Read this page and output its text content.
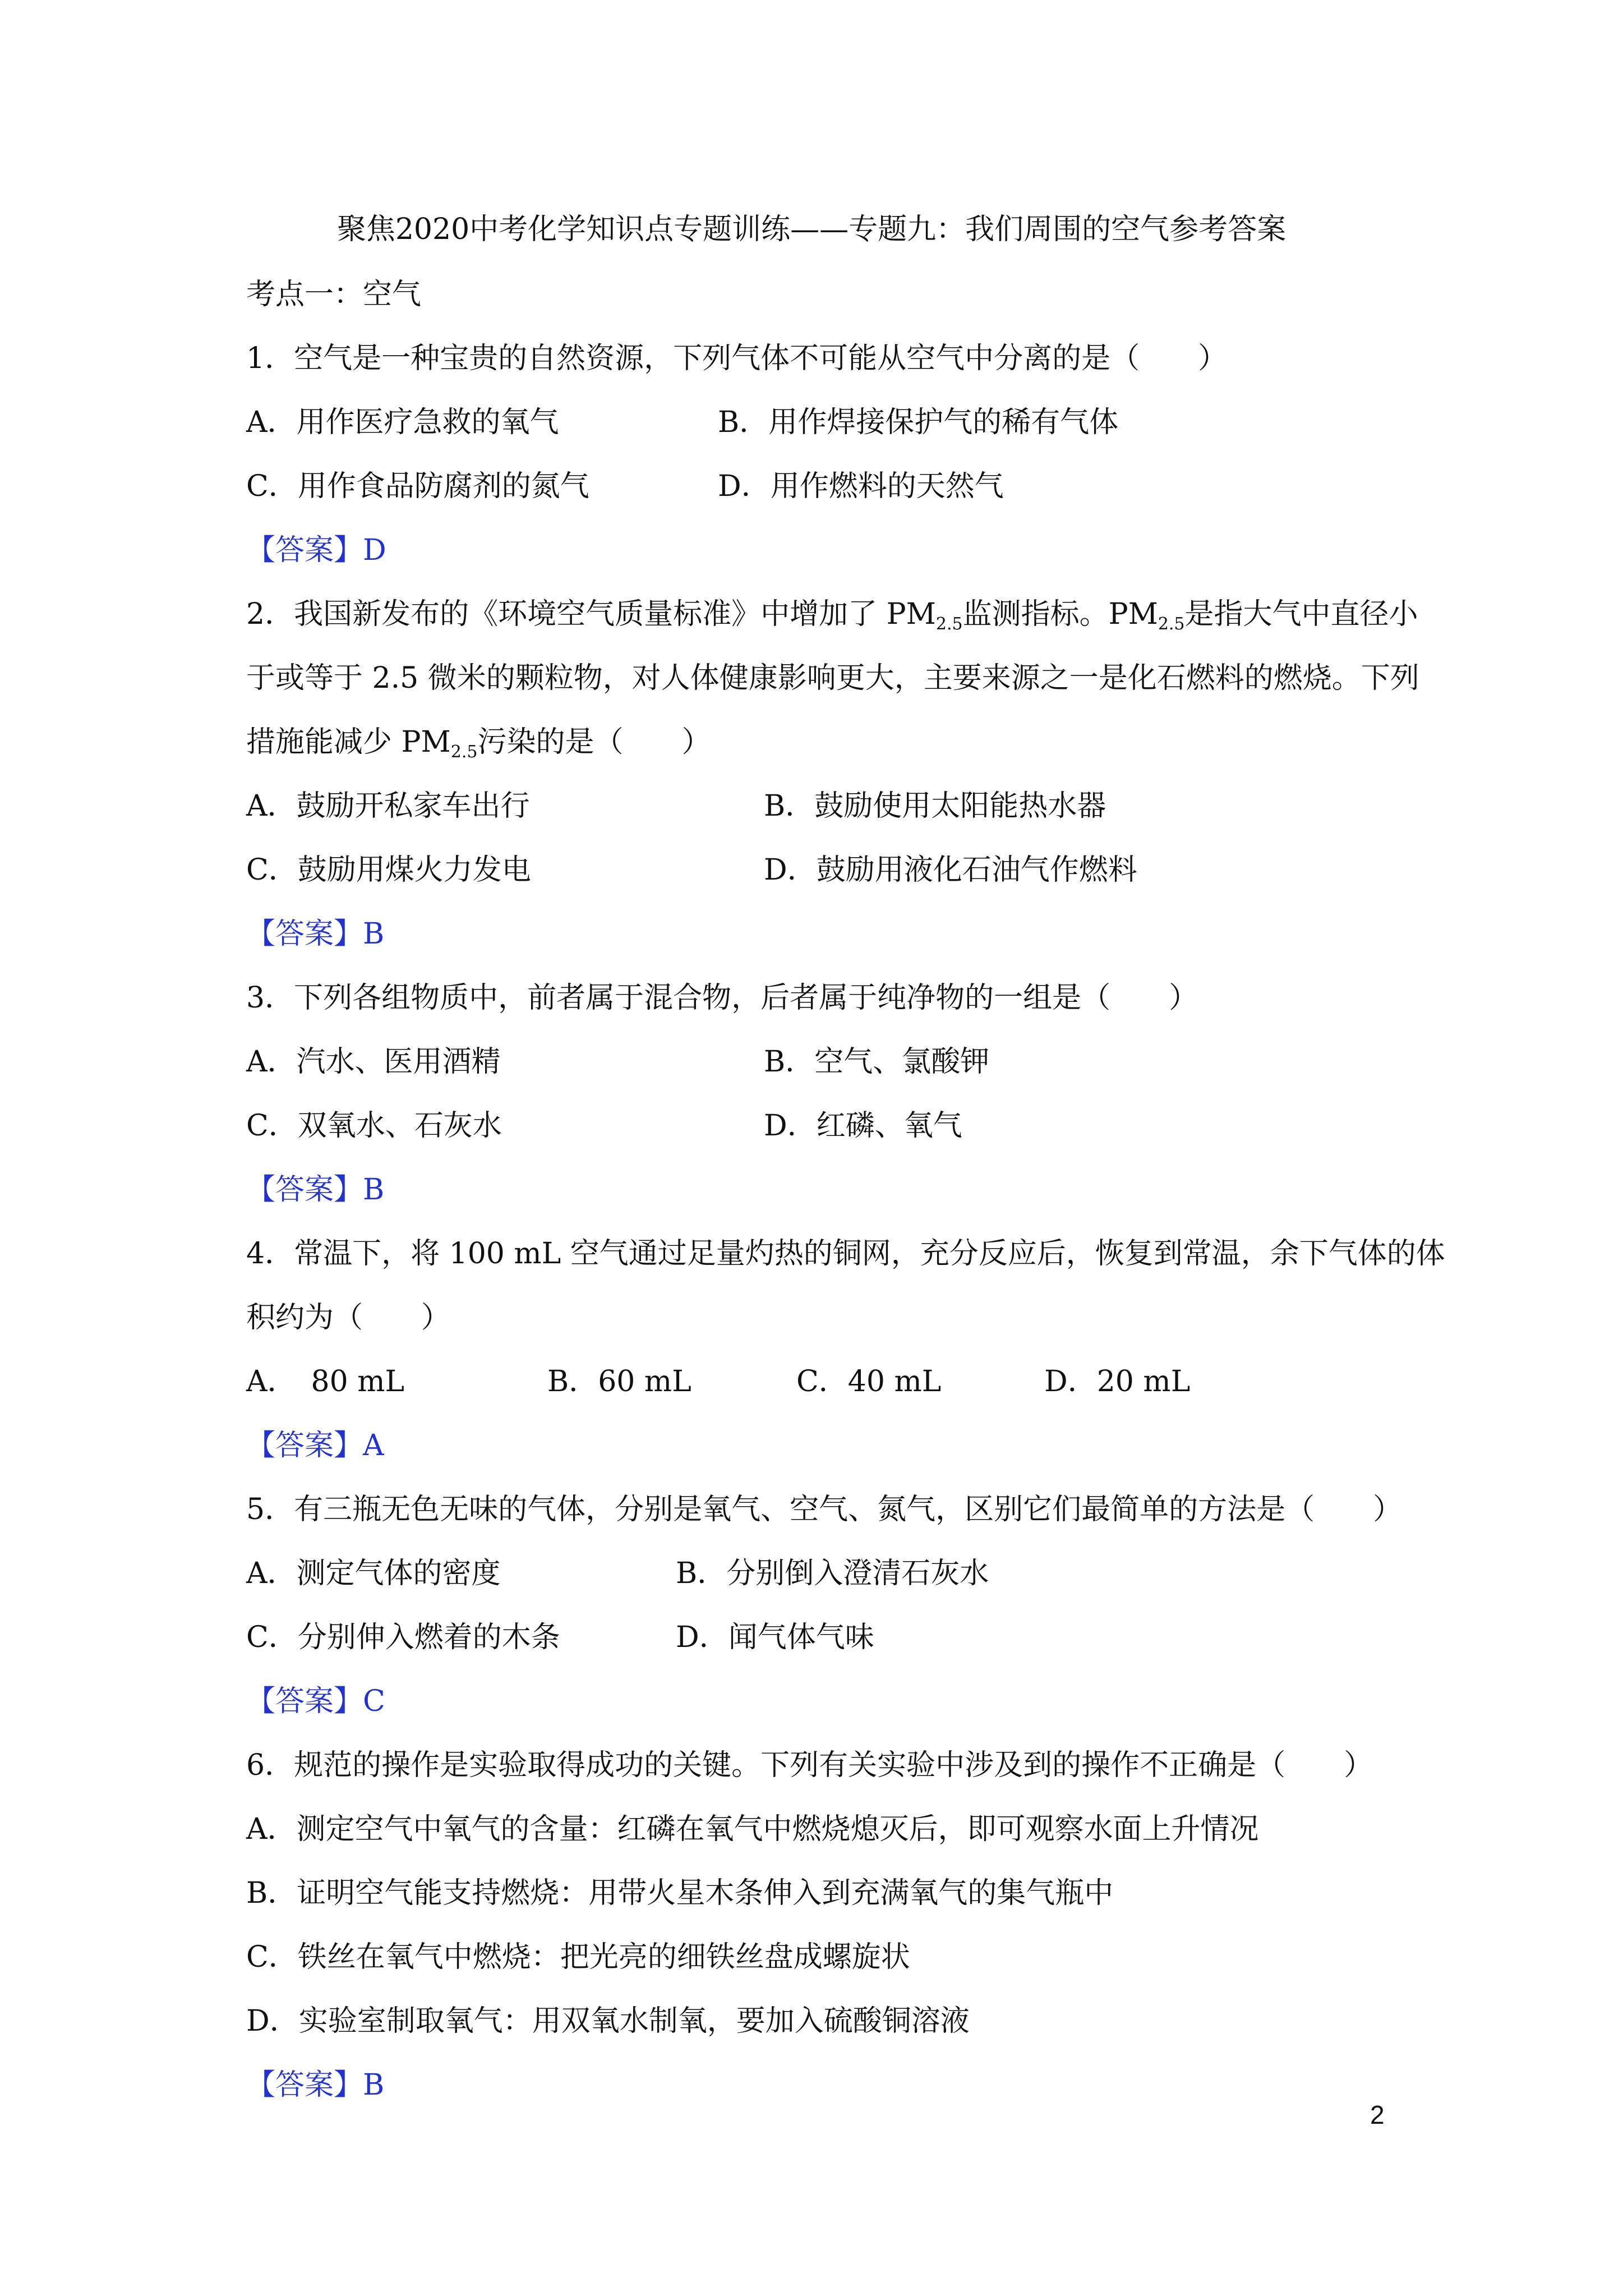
聚焦2020中考化学知识点专题训练——专题九：我们周围的空气参考答案
考点一：空气
1．空气是一种宝贵的自然资源，下列气体不可能从空气中分离的是（　　）
A．用作医疗急救的氧气	B．用作焊接保护气的稀有气体
C．用作食品防腐剂的氮气	D．用作燃料的天然气
【答案】D
2．我国新发布的《环境空气质量标准》中增加了 $PM_{2.5}$监测指标。$PM_{2.5}$是指大气中直径小
于或等于 2.5 微米的颗粒物，对人体健康影响更大，主要来源之一是化石燃料的燃烧。下列
措施能减少 $PM_{2.5}$污染的是（　　）
A．鼓励开私家车出行	B．鼓励使用太阳能热水器
C．鼓励用煤火力发电	D．鼓励用液化石油气作燃料
【答案】B
3．下列各组物质中，前者属于混合物，后者属于纯净物的一组是（　　）
A．汽水、医用酒精	B．空气、氯酸钾
C．双氧水、石灰水	D．红磷、氧气
【答案】B
4．常温下，将 100 mL 空气通过足量灼热的铜网，充分反应后，恢复到常温，余下气体的体
积约为（　　）
A．　80 mL	B．60 mL	C．40 mL	D．20 mL
【答案】A
5．有三瓶无色无味的气体，分别是氧气、空气、氮气，区别它们最简单的方法是（　　）
A．测定气体的密度	B．分别倒入澄清石灰水
C．分别伸入燃着的木条	D．闻气体气味
【答案】C
6．规范的操作是实验取得成功的关键。下列有关实验中涉及到的操作不正确是（　　）
A．测定空气中氧气的含量：红磷在氧气中燃烧熄灭后，即可观察水面上升情况
B．证明空气能支持燃烧：用带火星木条伸入到充满氧气的集气瓶中
C．铁丝在氧气中燃烧：把光亮的细铁丝盘成螺旋状
D．实验室制取氧气：用双氧水制氧，要加入硫酸铜溶液
【答案】B
2
